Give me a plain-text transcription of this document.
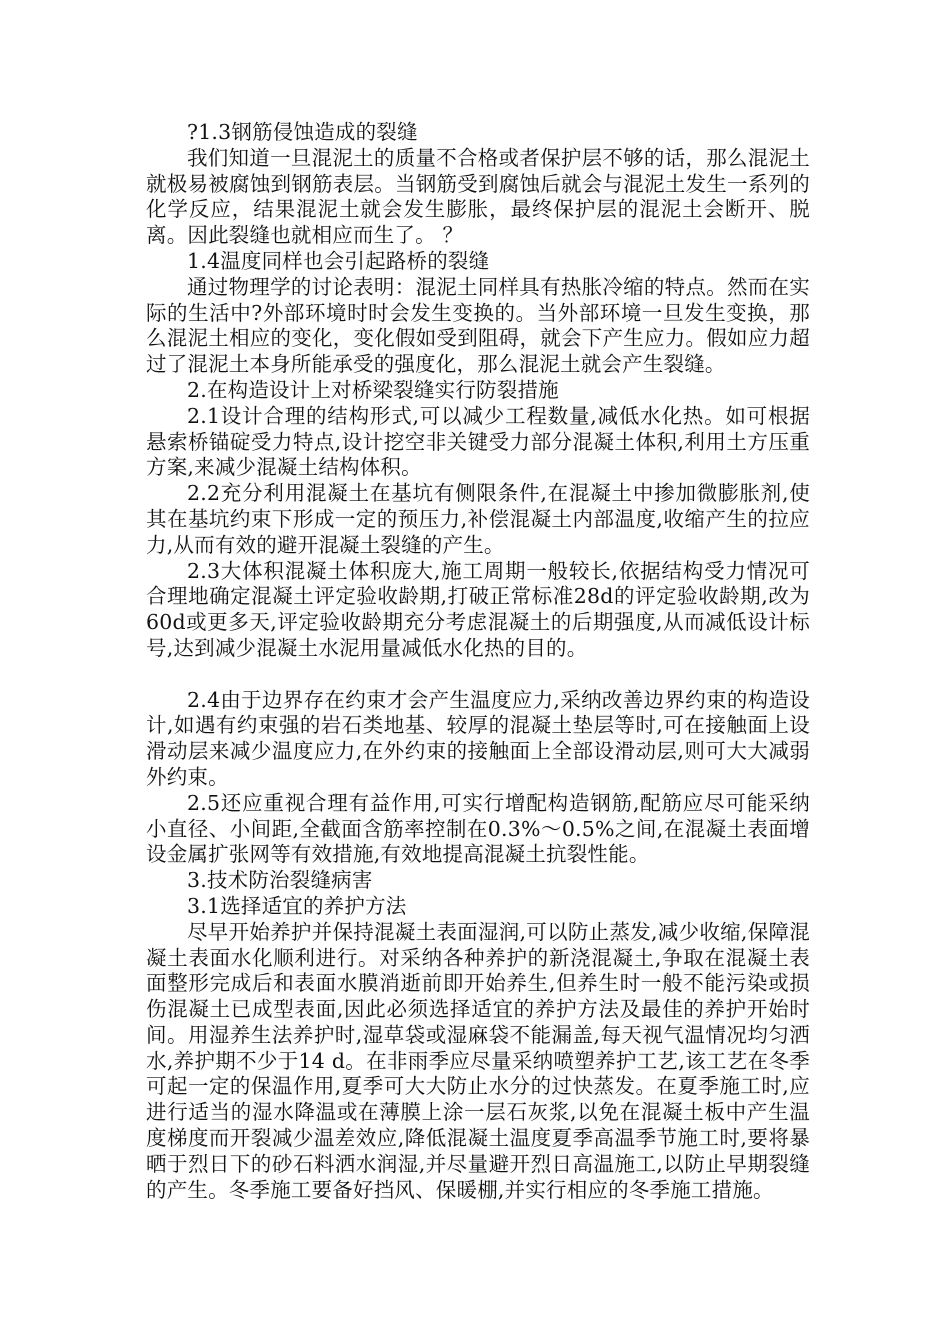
?1.3钢筋侵蚀造成的裂缝

我们知道一旦混泥土的质量不合格或者保护层不够的话，那么混泥土就极易被腐蚀到钢筋表层。当钢筋受到腐蚀后就会与混泥土发生一系列的化学反应，结果混泥土就会发生膨胀，最终保护层的混泥土会断开、脱离。因此裂缝也就相应而生了。 ？

1.4温度同样也会引起路桥的裂缝

通过物理学的讨论表明：混泥土同样具有热胀冷缩的特点。然而在实际的生活中?外部环境时时会发生变换的。当外部环境一旦发生变换，那么混泥土相应的变化，变化假如受到阻碍，就会下产生应力。假如应力超过了混泥土本身所能承受的强度化，那么混泥土就会产生裂缝。

2.在构造设计上对桥梁裂缝实行防裂措施

2.1设计合理的结构形式,可以减少工程数量,减低水化热。如可根据悬索桥锚碇受力特点,设计挖空非关键受力部分混凝土体积,利用土方压重方案,来减少混凝土结构体积。

2.2充分利用混凝土在基坑有侧限条件,在混凝土中掺加微膨胀剂,使其在基坑约束下形成一定的预压力,补偿混凝土内部温度,收缩产生的拉应力,从而有效的避开混凝土裂缝的产生。

2.3大体积混凝土体积庞大,施工周期一般较长,依据结构受力情况可合理地确定混凝土评定验收龄期,打破正常标准28d的评定验收龄期,改为60d或更多天,评定验收龄期充分考虑混凝土的后期强度,从而减低设计标号,达到减少混凝土水泥用量减低水化热的目的。

2.4由于边界存在约束才会产生温度应力,采纳改善边界约束的构造设计,如遇有约束强的岩石类地基、较厚的混凝土垫层等时,可在接触面上设滑动层来减少温度应力,在外约束的接触面上全部设滑动层,则可大大减弱外约束。

2.5还应重视合理有益作用,可实行增配构造钢筋,配筋应尽可能采纳小直径、小间距,全截面含筋率控制在0.3%～0.5%之间,在混凝土表面增设金属扩张网等有效措施,有效地提高混凝土抗裂性能。

3.技术防治裂缝病害

3.1选择适宜的养护方法

尽早开始养护并保持混凝土表面湿润,可以防止蒸发,减少收缩,保障混凝土表面水化顺利进行。对采纳各种养护的新浇混凝土,争取在混凝土表面整形完成后和表面水膜消逝前即开始养生,但养生时一般不能污染或损伤混凝土已成型表面,因此必须选择适宜的养护方法及最佳的养护开始时间。用湿养生法养护时,湿草袋或湿麻袋不能漏盖,每天视气温情况均匀洒水,养护期不少于14 d。在非雨季应尽量采纳喷塑养护工艺,该工艺在冬季可起一定的保温作用,夏季可大大防止水分的过快蒸发。在夏季施工时,应进行适当的湿水降温或在薄膜上涂一层石灰浆,以免在混凝土板中产生温度梯度而开裂减少温差效应,降低混凝土温度夏季高温季节施工时,要将暴晒于烈日下的砂石料洒水润湿,并尽量避开烈日高温施工,以防止早期裂缝的产生。冬季施工要备好挡风、保暖棚,并实行相应的冬季施工措施。
